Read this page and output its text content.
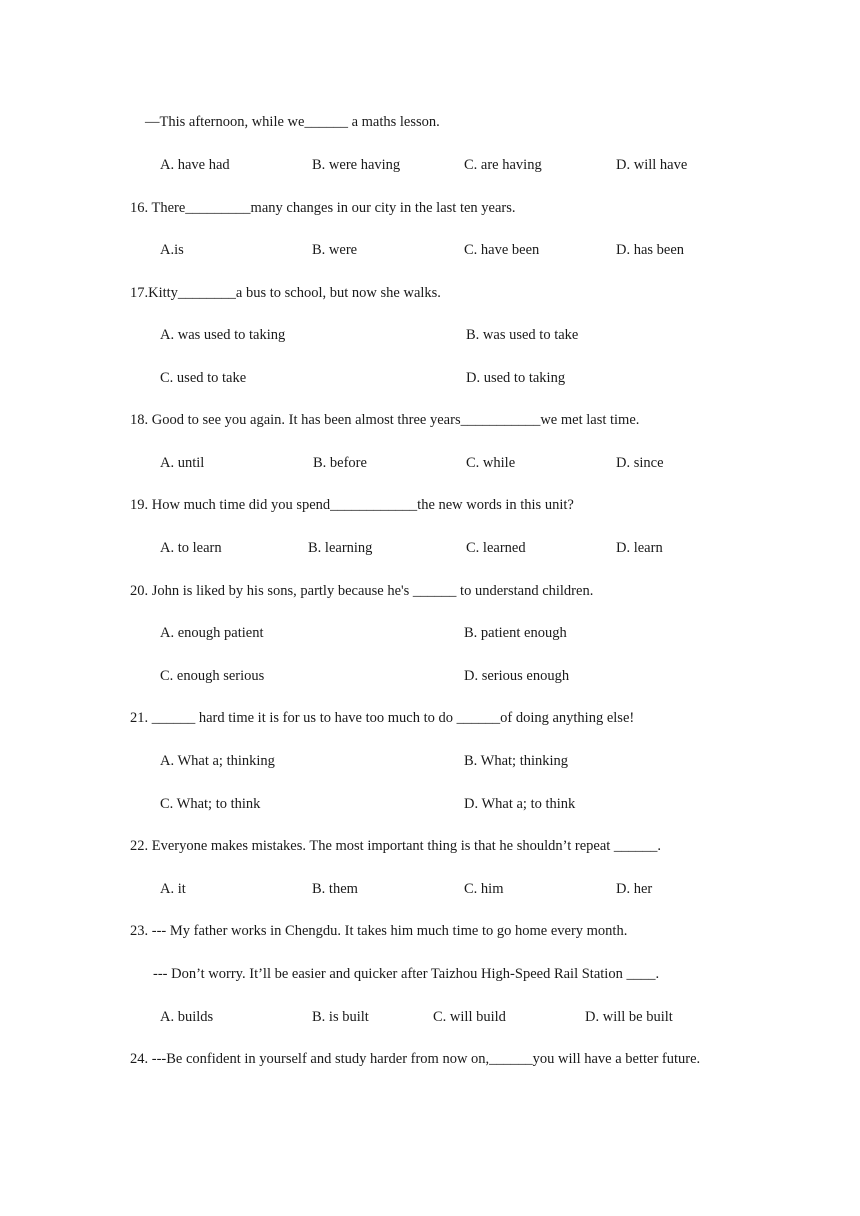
—This afternoon, while we______ a maths lesson.
A. have had	B. were having	C. are having	D. will have
16. There_________many changes in our city in the last ten years.
A.is	B. were	C. have been	D. has been
17.Kitty________a bus to school, but now she walks.
A. was used to taking	B. was used to take
C. used to take	D. used to taking
18. Good to see you again. It has been almost three years___________we met last time.
A. until	B. before	C. while	D. since
19. How much time did you spend____________the new words in this unit?
A. to learn	B. learning	C. learned	D. learn
20. John is liked by his sons, partly because he's ______ to understand children.
A. enough patient	B. patient enough
C. enough serious	D. serious enough
21. ______ hard time it is for us to have too much to do ______of doing anything else!
A. What a; thinking	B. What; thinking
C. What; to think	D. What a; to think
22. Everyone makes mistakes. The most important thing is that he shouldn’t repeat ______.
A. it	B. them	C. him	D. her
23. --- My father works in Chengdu. It takes him much time to go home every month.
--- Don’t worry. It’ll be easier and quicker after Taizhou High-Speed Rail Station ____.
A. builds	B. is built	C. will build	D. will be built
24. ---Be confident in yourself and study harder from now on,______you will have a better future.
